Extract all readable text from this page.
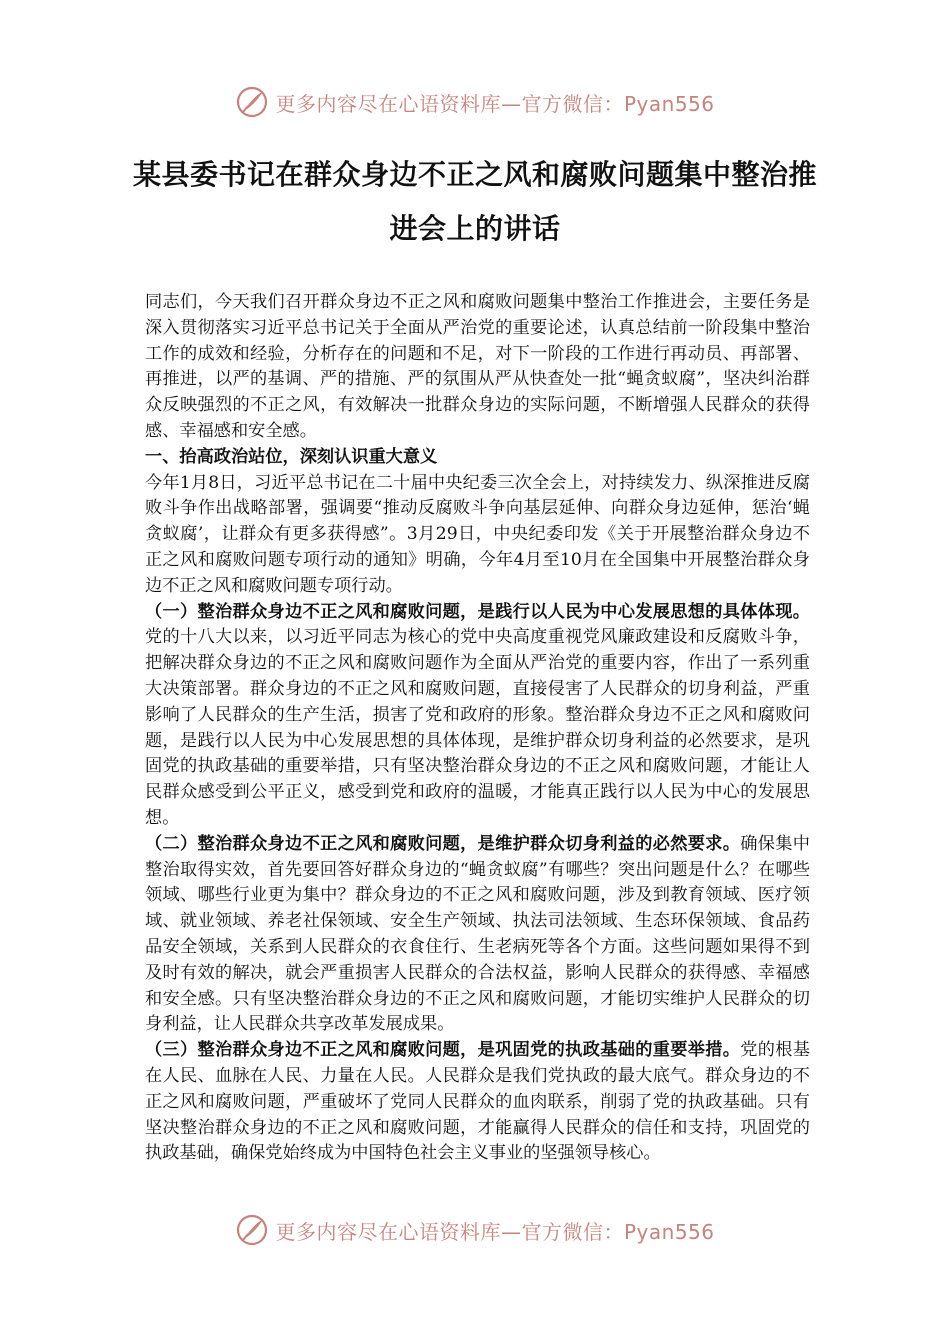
更多内容尽在心语资料库—官方微信：Pyan556
某县委书记在群众身边不正之风和腐败问题集中整治推进会上的讲话

同志们，今天我们召开群众身边不正之风和腐败问题集中整治工作推进会，主要任务是深入贯彻落实习近平总书记关于全面从严治党的重要论述，认真总结前一阶段集中整治工作的成效和经验，分析存在的问题和不足，对下一阶段的工作进行再动员、再部署、再推进，以严的基调、严的措施、严的氛围从严从快查处一批“蝇贪蚁腐”，坚决纠治群众反映强烈的不正之风，有效解决一批群众身边的实际问题，不断增强人民群众的获得感、幸福感和安全感。

一、抬高政治站位，深刻认识重大意义

今年1月8日，习近平总书记在二十届中央纪委三次全会上，对持续发力、纵深推进反腐败斗争作出战略部署，强调要“推动反腐败斗争向基层延伸、向群众身边延伸，惩治‘蝇贪蚁腐’，让群众有更多获得感”。3月29日，中央纪委印发《关于开展整治群众身边不正之风和腐败问题专项行动的通知》明确，今年4月至10月在全国集中开展整治群众身边不正之风和腐败问题专项行动。

（一）整治群众身边不正之风和腐败问题，是践行以人民为中心发展思想的具体体现。党的十八大以来，以习近平同志为核心的党中央高度重视党风廉政建设和反腐败斗争，把解决群众身边的不正之风和腐败问题作为全面从严治党的重要内容，作出了一系列重大决策部署。群众身边的不正之风和腐败问题，直接侵害了人民群众的切身利益，严重影响了人民群众的生产生活，损害了党和政府的形象。整治群众身边不正之风和腐败问题，是践行以人民为中心发展思想的具体体现，是维护群众切身利益的必然要求，是巩固党的执政基础的重要举措，只有坚决整治群众身边的不正之风和腐败问题，才能让人民群众感受到公平正义，感受到党和政府的温暖，才能真正践行以人民为中心的发展思想。

（二）整治群众身边不正之风和腐败问题，是维护群众切身利益的必然要求。确保集中整治取得实效，首先要回答好群众身边的“蝇贪蚁腐”有哪些？突出问题是什么？在哪些领域、哪些行业更为集中？群众身边的不正之风和腐败问题，涉及到教育领域、医疗领域、就业领域、养老社保领域、安全生产领域、执法司法领域、生态环保领域、食品药品安全领域，关系到人民群众的衣食住行、生老病死等各个方面。这些问题如果得不到及时有效的解决，就会严重损害人民群众的合法权益，影响人民群众的获得感、幸福感和安全感。只有坚决整治群众身边的不正之风和腐败问题，才能切实维护人民群众的切身利益，让人民群众共享改革发展成果。

（三）整治群众身边不正之风和腐败问题，是巩固党的执政基础的重要举措。党的根基在人民、血脉在人民、力量在人民。人民群众是我们党执政的最大底气。群众身边的不正之风和腐败问题，严重破坏了党同人民群众的血肉联系，削弱了党的执政基础。只有坚决整治群众身边的不正之风和腐败问题，才能赢得人民群众的信任和支持，巩固党的执政基础，确保党始终成为中国特色社会主义事业的坚强领导核心。

更多内容尽在心语资料库—官方微信：Pyan556
